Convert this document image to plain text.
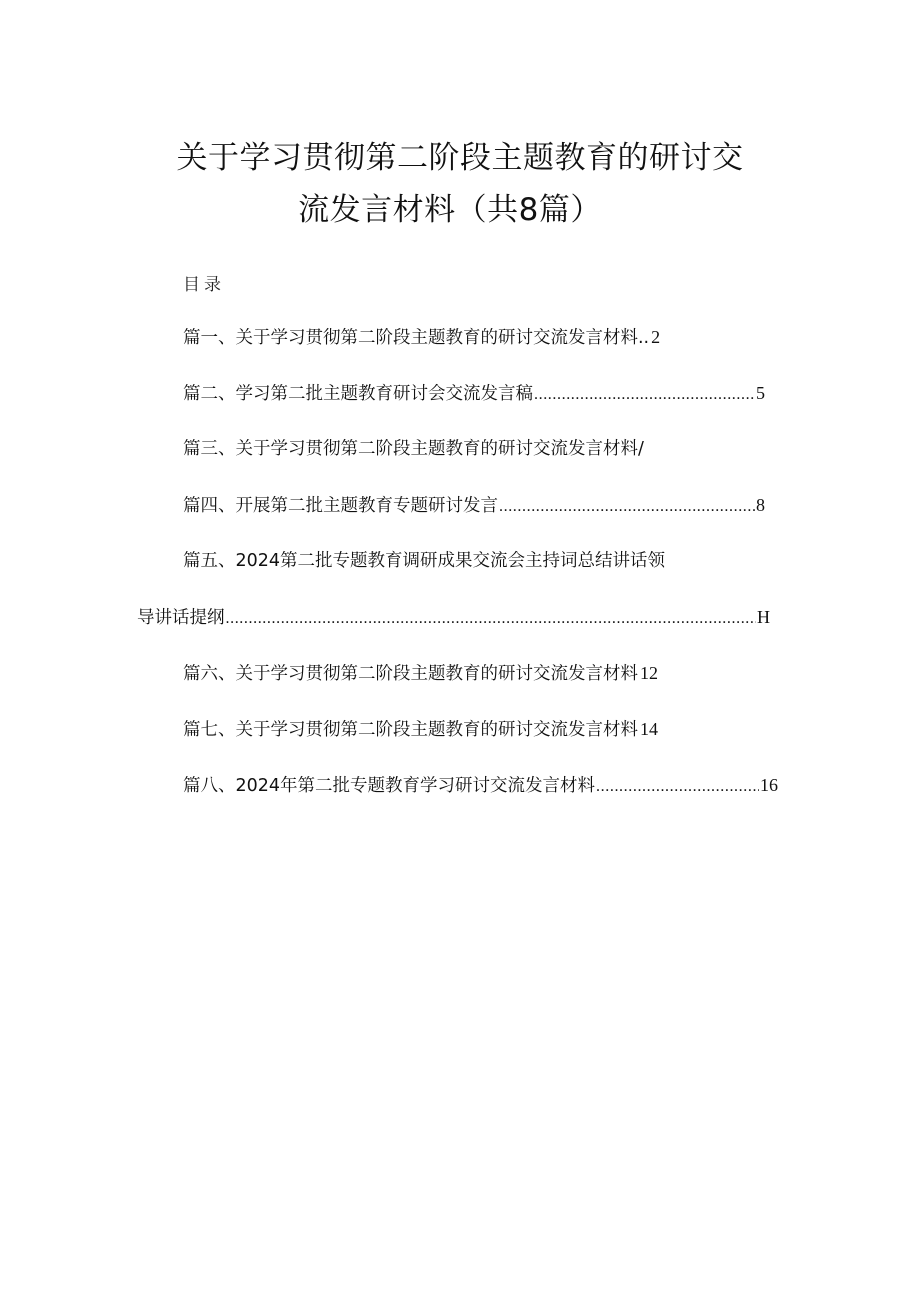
关于学习贯彻第二阶段主题教育的研讨交
流发言材料（共8篇）
目录
篇一、关于学习贯彻第二阶段主题教育的研讨交流发言材料.. 2
篇二、学习第二批主题教育研讨会交流发言稿 .....	5
篇三、关于学习贯彻第二阶段主题教育的研讨交流发言材料/
篇四、开展第二批主题教育专题研讨发言 .....	8
篇五、2024第二批专题教育调研成果交流会主持词总结讲话领
导讲话提纲 .....	H
篇六、关于学习贯彻第二阶段主题教育的研讨交流发言材料 12
篇七、关于学习贯彻第二阶段主题教育的研讨交流发言材料 14
篇八、2024年第二批专题教育学习研讨交流发言材料 .....	16
